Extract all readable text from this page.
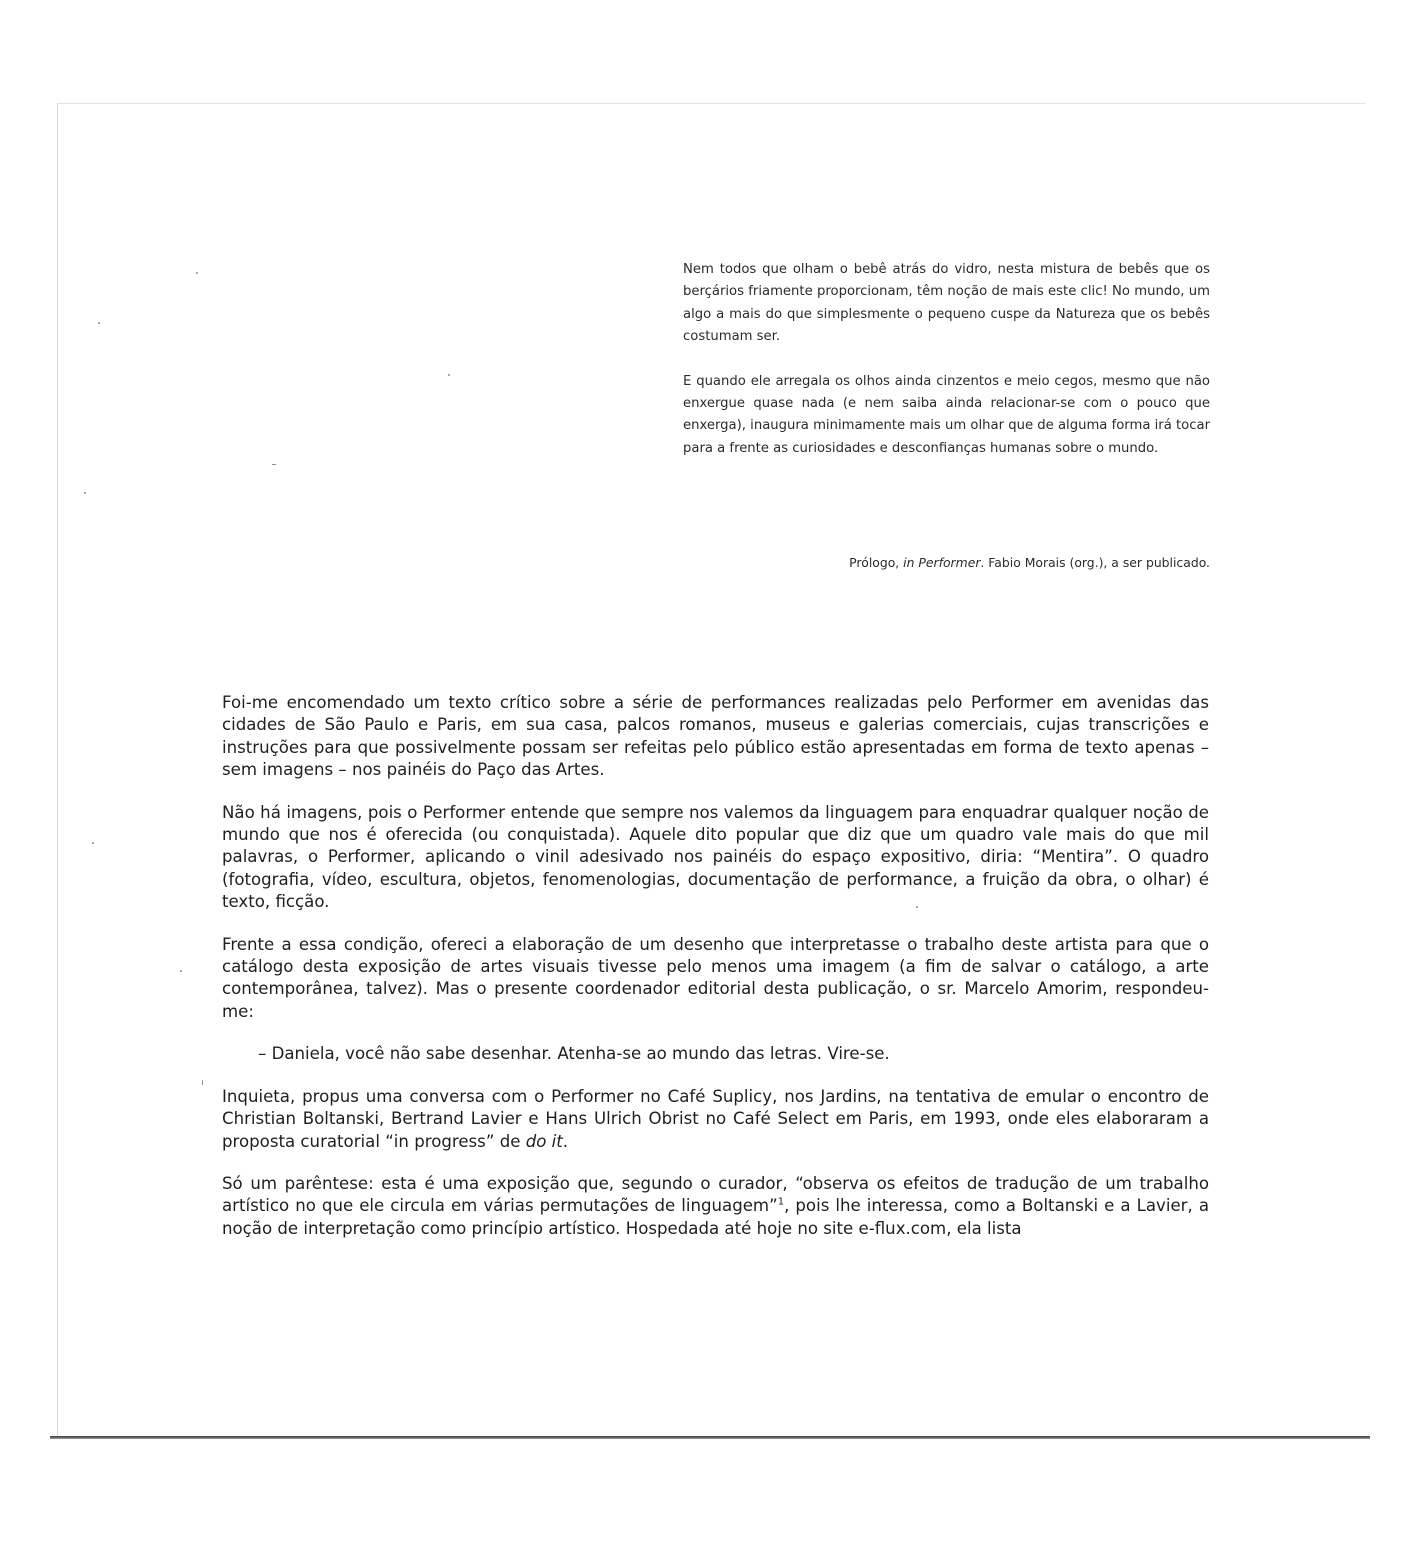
Nem todos que olham o bebê atrás do vidro, nesta mistura de bebês que os berçários friamente proporcionam, têm noção de mais este clic! No mundo, um algo a mais do que simplesmente o pequeno cuspe da Natureza que os bebês costumam ser.

E quando ele arregala os olhos ainda cinzentos e meio cegos, mesmo que não enxergue quase nada (e nem saiba ainda relacionar-se com o pouco que enxerga), inaugura minimamente mais um olhar que de alguma forma irá tocar para a frente as curiosidades e desconfianças humanas sobre o mundo.

Prólogo, in Performer. Fabio Morais (org.), a ser publicado.

Foi-me encomendado um texto crítico sobre a série de performances realizadas pelo Performer em avenidas das cidades de São Paulo e Paris, em sua casa, palcos romanos, museus e galerias comerciais, cujas transcrições e instruções para que possivelmente possam ser refeitas pelo público estão apresentadas em forma de texto apenas – sem imagens – nos painéis do Paço das Artes.

Não há imagens, pois o Performer entende que sempre nos valemos da linguagem para enquadrar qualquer noção de mundo que nos é oferecida (ou conquistada). Aquele dito popular que diz que um quadro vale mais do que mil palavras, o Performer, aplicando o vinil adesivado nos painéis do espaço expositivo, diria: “Mentira”. O quadro (fotografia, vídeo, escultura, objetos, fenomenologias, documentação de performance, a fruição da obra, o olhar) é texto, ficção.

Frente a essa condição, ofereci a elaboração de um desenho que interpretasse o trabalho deste artista para que o catálogo desta exposição de artes visuais tivesse pelo menos uma imagem (a fim de salvar o catálogo, a arte contemporânea, talvez). Mas o presente coordenador editorial desta publicação, o sr. Marcelo Amorim, respondeu-me:

– Daniela, você não sabe desenhar. Atenha-se ao mundo das letras. Vire-se.

Inquieta, propus uma conversa com o Performer no Café Suplicy, nos Jardins, na tentativa de emular o encontro de Christian Boltanski, Bertrand Lavier e Hans Ulrich Obrist no Café Select em Paris, em 1993, onde eles elaboraram a proposta curatorial “in progress” de do it.

Só um parêntese: esta é uma exposição que, segundo o curador, “observa os efeitos de tradução de um trabalho artístico no que ele circula em várias permutações de linguagem”$^1$, pois lhe interessa, como a Boltanski e a Lavier, a noção de interpretação como princípio artístico. Hospedada até hoje no site e-flux.com, ela lista
